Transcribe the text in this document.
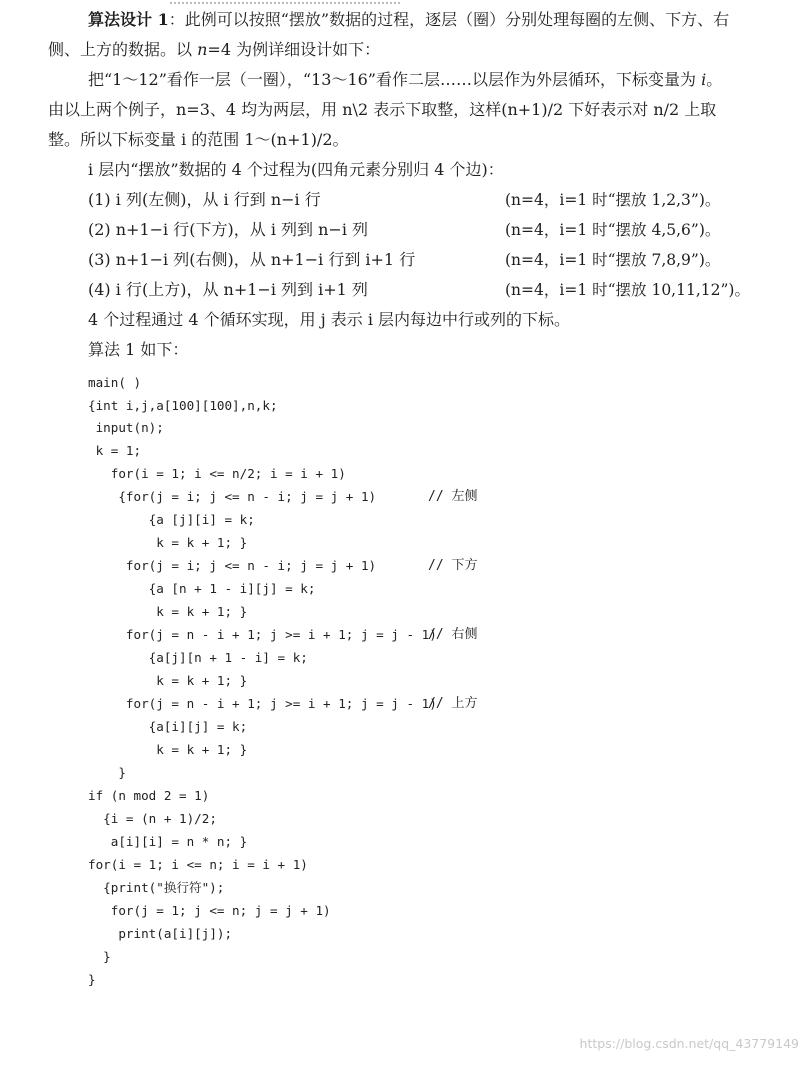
算法设计 1：此例可以按照“摆放”数据的过程，逐层（圈）分别处理每圈的左侧、下方、右
侧、上方的数据。以 n=4 为例详细设计如下：
把“1～12”看作一层（一圈），“13～16”看作二层……以层作为外层循环，下标变量为 i。
由以上两个例子，n=3、4 均为两层，用 n\2 表示下取整，这样(n+1)/2 下好表示对 n/2 上取
整。所以下标变量 i 的范围 1～(n+1)/2。
i 层内“摆放”数据的 4 个过程为(四角元素分别归 4 个边)：
(1) i 列(左侧)，从 i 行到 n−i 行	(n=4，i=1 时“摆放 1,2,3”)。
(2) n+1−i 行(下方)，从 i 列到 n−i 列	(n=4，i=1 时“摆放 4,5,6”)。
(3) n+1−i 列(右侧)，从 n+1−i 行到 i+1 行	(n=4，i=1 时“摆放 7,8,9”)。
(4) i 行(上方)，从 n+1−i 列到 i+1 列	(n=4，i=1 时“摆放 10,11,12”)。
4 个过程通过 4 个循环实现，用 j 表示 i 层内每边中行或列的下标。
算法 1 如下：
main( )
{int i,j,a[100][100],n,k;
input(n);
k = 1;
for(i = 1; i <= n/2; i = i + 1)
{for(j = i; j <= n - i; j = j + 1)
{a [j][i] = k;
k = k + 1; }
for(j = i; j <= n - i; j = j + 1)
{a [n + 1 - i][j] = k;
k = k + 1; }
for(j = n - i + 1; j >= i + 1; j = j - 1)
{a[j][n + 1 - i] = k;
k = k + 1; }
for(j = n - i + 1; j >= i + 1; j = j - 1)
{a[i][j] = k;
k = k + 1; }
}
if (n mod 2 = 1)
{i = (n + 1)/2;
a[i][i] = n * n; }
for(i = 1; i <= n; i = i + 1)
{print("换行符");
for(j = 1; j <= n; j = j + 1)
print(a[i][j]);
}
}
// 左侧
// 下方
// 右侧
// 上方
https://blog.csdn.net/qq_43779149
